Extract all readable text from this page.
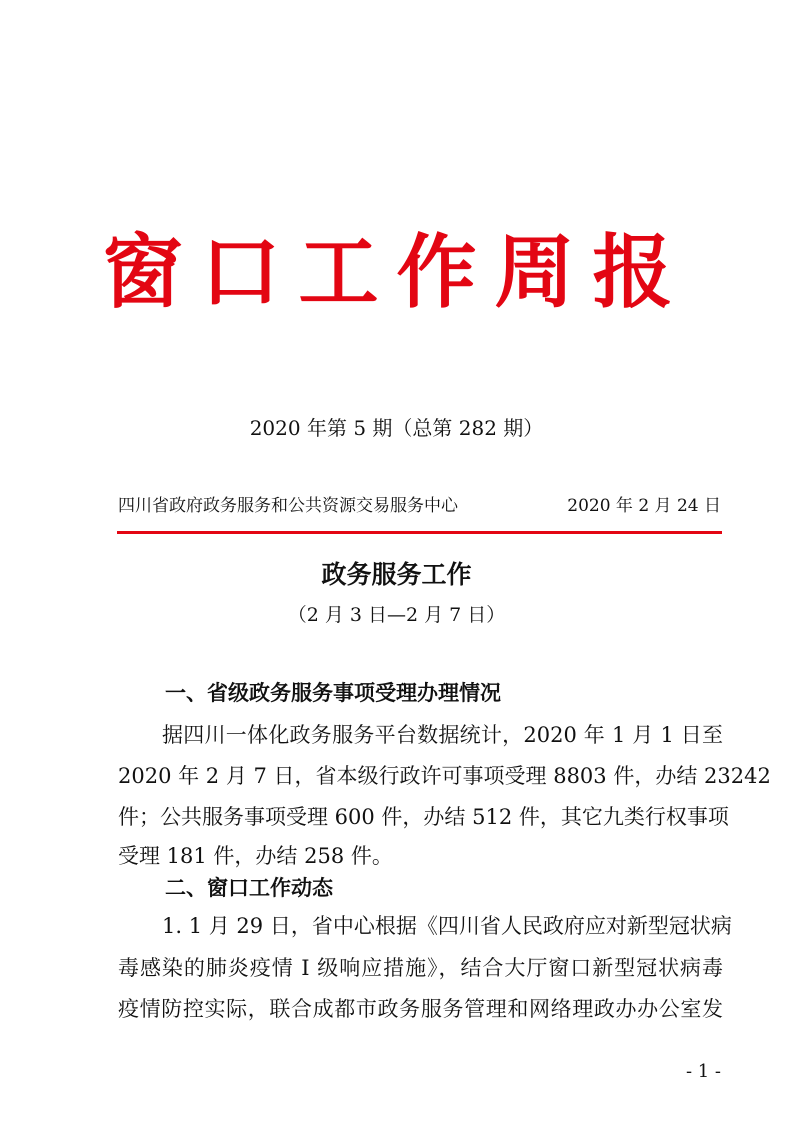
窗口工作周报
2020 年第 5 期（总第 282 期）
四川省政府政务服务和公共资源交易服务中心	2020 年 2 月 24 日
政务服务工作
（2 月 3 日—2 月 7 日）
一、省级政务服务事项受理办理情况
据四川一体化政务服务平台数据统计，2020 年 1 月 1 日至
2020 年 2 月 7 日，省本级行政许可事项受理 8803 件，办结 23242
件；公共服务事项受理 600 件，办结 512 件，其它九类行权事项
受理 181 件，办结 258 件。
二、窗口工作动态
1. 1 月 29 日，省中心根据《四川省人民政府应对新型冠状病
毒感染的肺炎疫情 I 级响应措施》，结合大厅窗口新型冠状病毒
疫情防控实际，联合成都市政务服务管理和网络理政办办公室发
- 1 -
